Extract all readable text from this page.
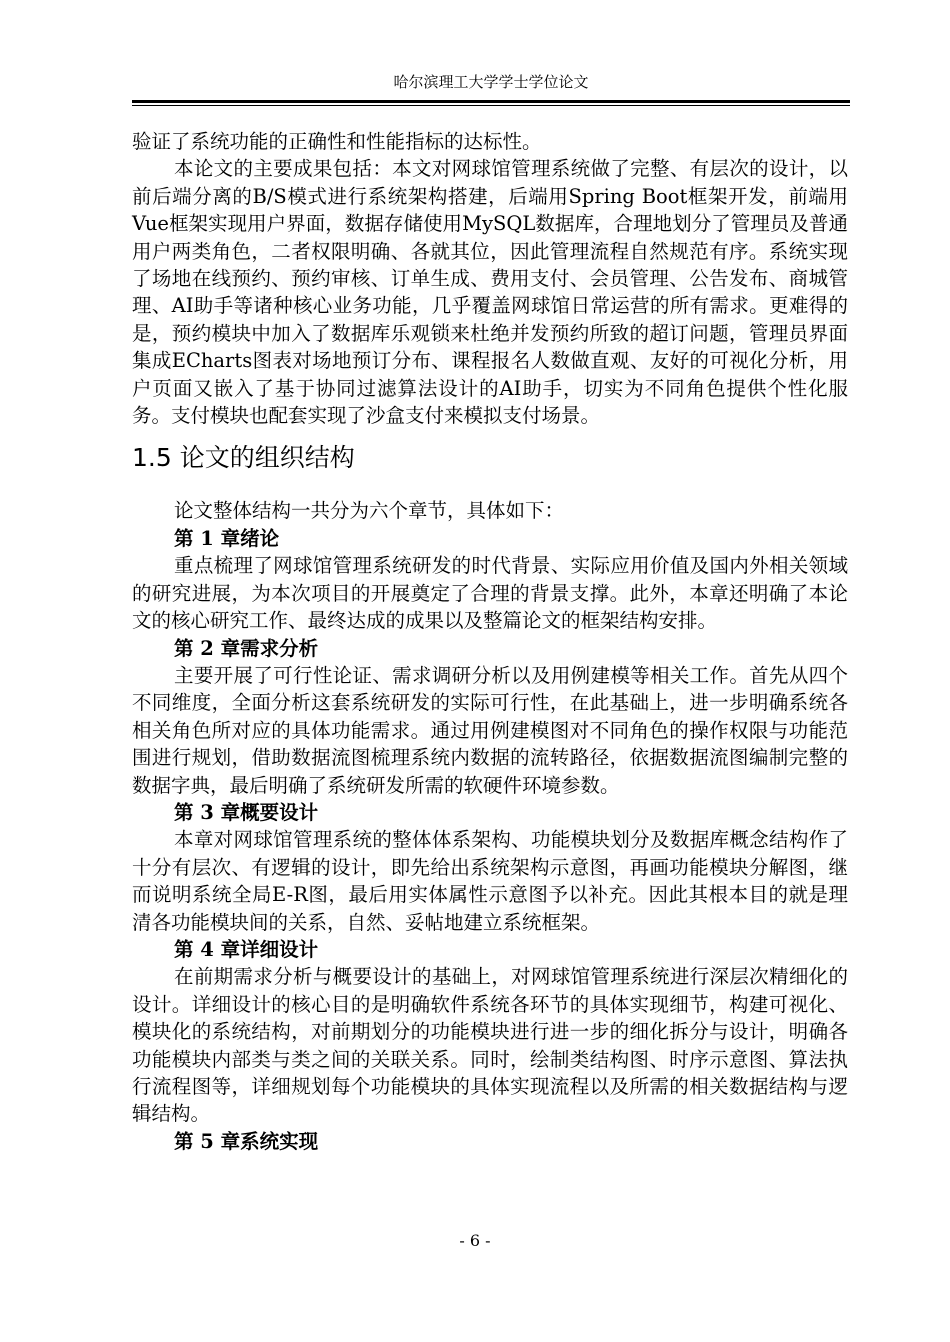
哈尔滨理工大学学士学位论文

验证了系统功能的正确性和性能指标的达标性。

本论文的主要成果包括：本文对网球馆管理系统做了完整、有层次的设计，以前后端分离的B/S模式进行系统架构搭建，后端用Spring Boot框架开发，前端用Vue框架实现用户界面，数据存储使用MySQL数据库，合理地划分了管理员及普通用户两类角色，二者权限明确、各就其位，因此管理流程自然规范有序。系统实现了场地在线预约、预约审核、订单生成、费用支付、会员管理、公告发布、商城管理、AI助手等诸种核心业务功能，几乎覆盖网球馆日常运营的所有需求。更难得的是，预约模块中加入了数据库乐观锁来杜绝并发预约所致的超订问题，管理员界面集成ECharts图表对场地预订分布、课程报名人数做直观、友好的可视化分析，用户页面又嵌入了基于协同过滤算法设计的AI助手，切实为不同角色提供个性化服务。支付模块也配套实现了沙盒支付来模拟支付场景。

1.5 论文的组织结构

论文整体结构一共分为六个章节，具体如下：

第 1 章绪论

重点梳理了网球馆管理系统研发的时代背景、实际应用价值及国内外相关领域的研究进展，为本次项目的开展奠定了合理的背景支撑。此外，本章还明确了本论文的核心研究工作、最终达成的成果以及整篇论文的框架结构安排。

第 2 章需求分析

主要开展了可行性论证、需求调研分析以及用例建模等相关工作。首先从四个不同维度，全面分析这套系统研发的实际可行性，在此基础上，进一步明确系统各相关角色所对应的具体功能需求。通过用例建模图对不同角色的操作权限与功能范围进行规划，借助数据流图梳理系统内数据的流转路径，依据数据流图编制完整的数据字典，最后明确了系统研发所需的软硬件环境参数。

第 3 章概要设计

本章对网球馆管理系统的整体体系架构、功能模块划分及数据库概念结构作了十分有层次、有逻辑的设计，即先给出系统架构示意图，再画功能模块分解图，继而说明系统全局E-R图，最后用实体属性示意图予以补充。因此其根本目的就是理清各功能模块间的关系，自然、妥帖地建立系统框架。

第 4 章详细设计

在前期需求分析与概要设计的基础上，对网球馆管理系统进行深层次精细化的设计。详细设计的核心目的是明确软件系统各环节的具体实现细节，构建可视化、模块化的系统结构，对前期划分的功能模块进行进一步的细化拆分与设计，明确各功能模块内部类与类之间的关联关系。同时，绘制类结构图、时序示意图、算法执行流程图等，详细规划每个功能模块的具体实现流程以及所需的相关数据结构与逻辑结构。

第 5 章系统实现
- 6 -
